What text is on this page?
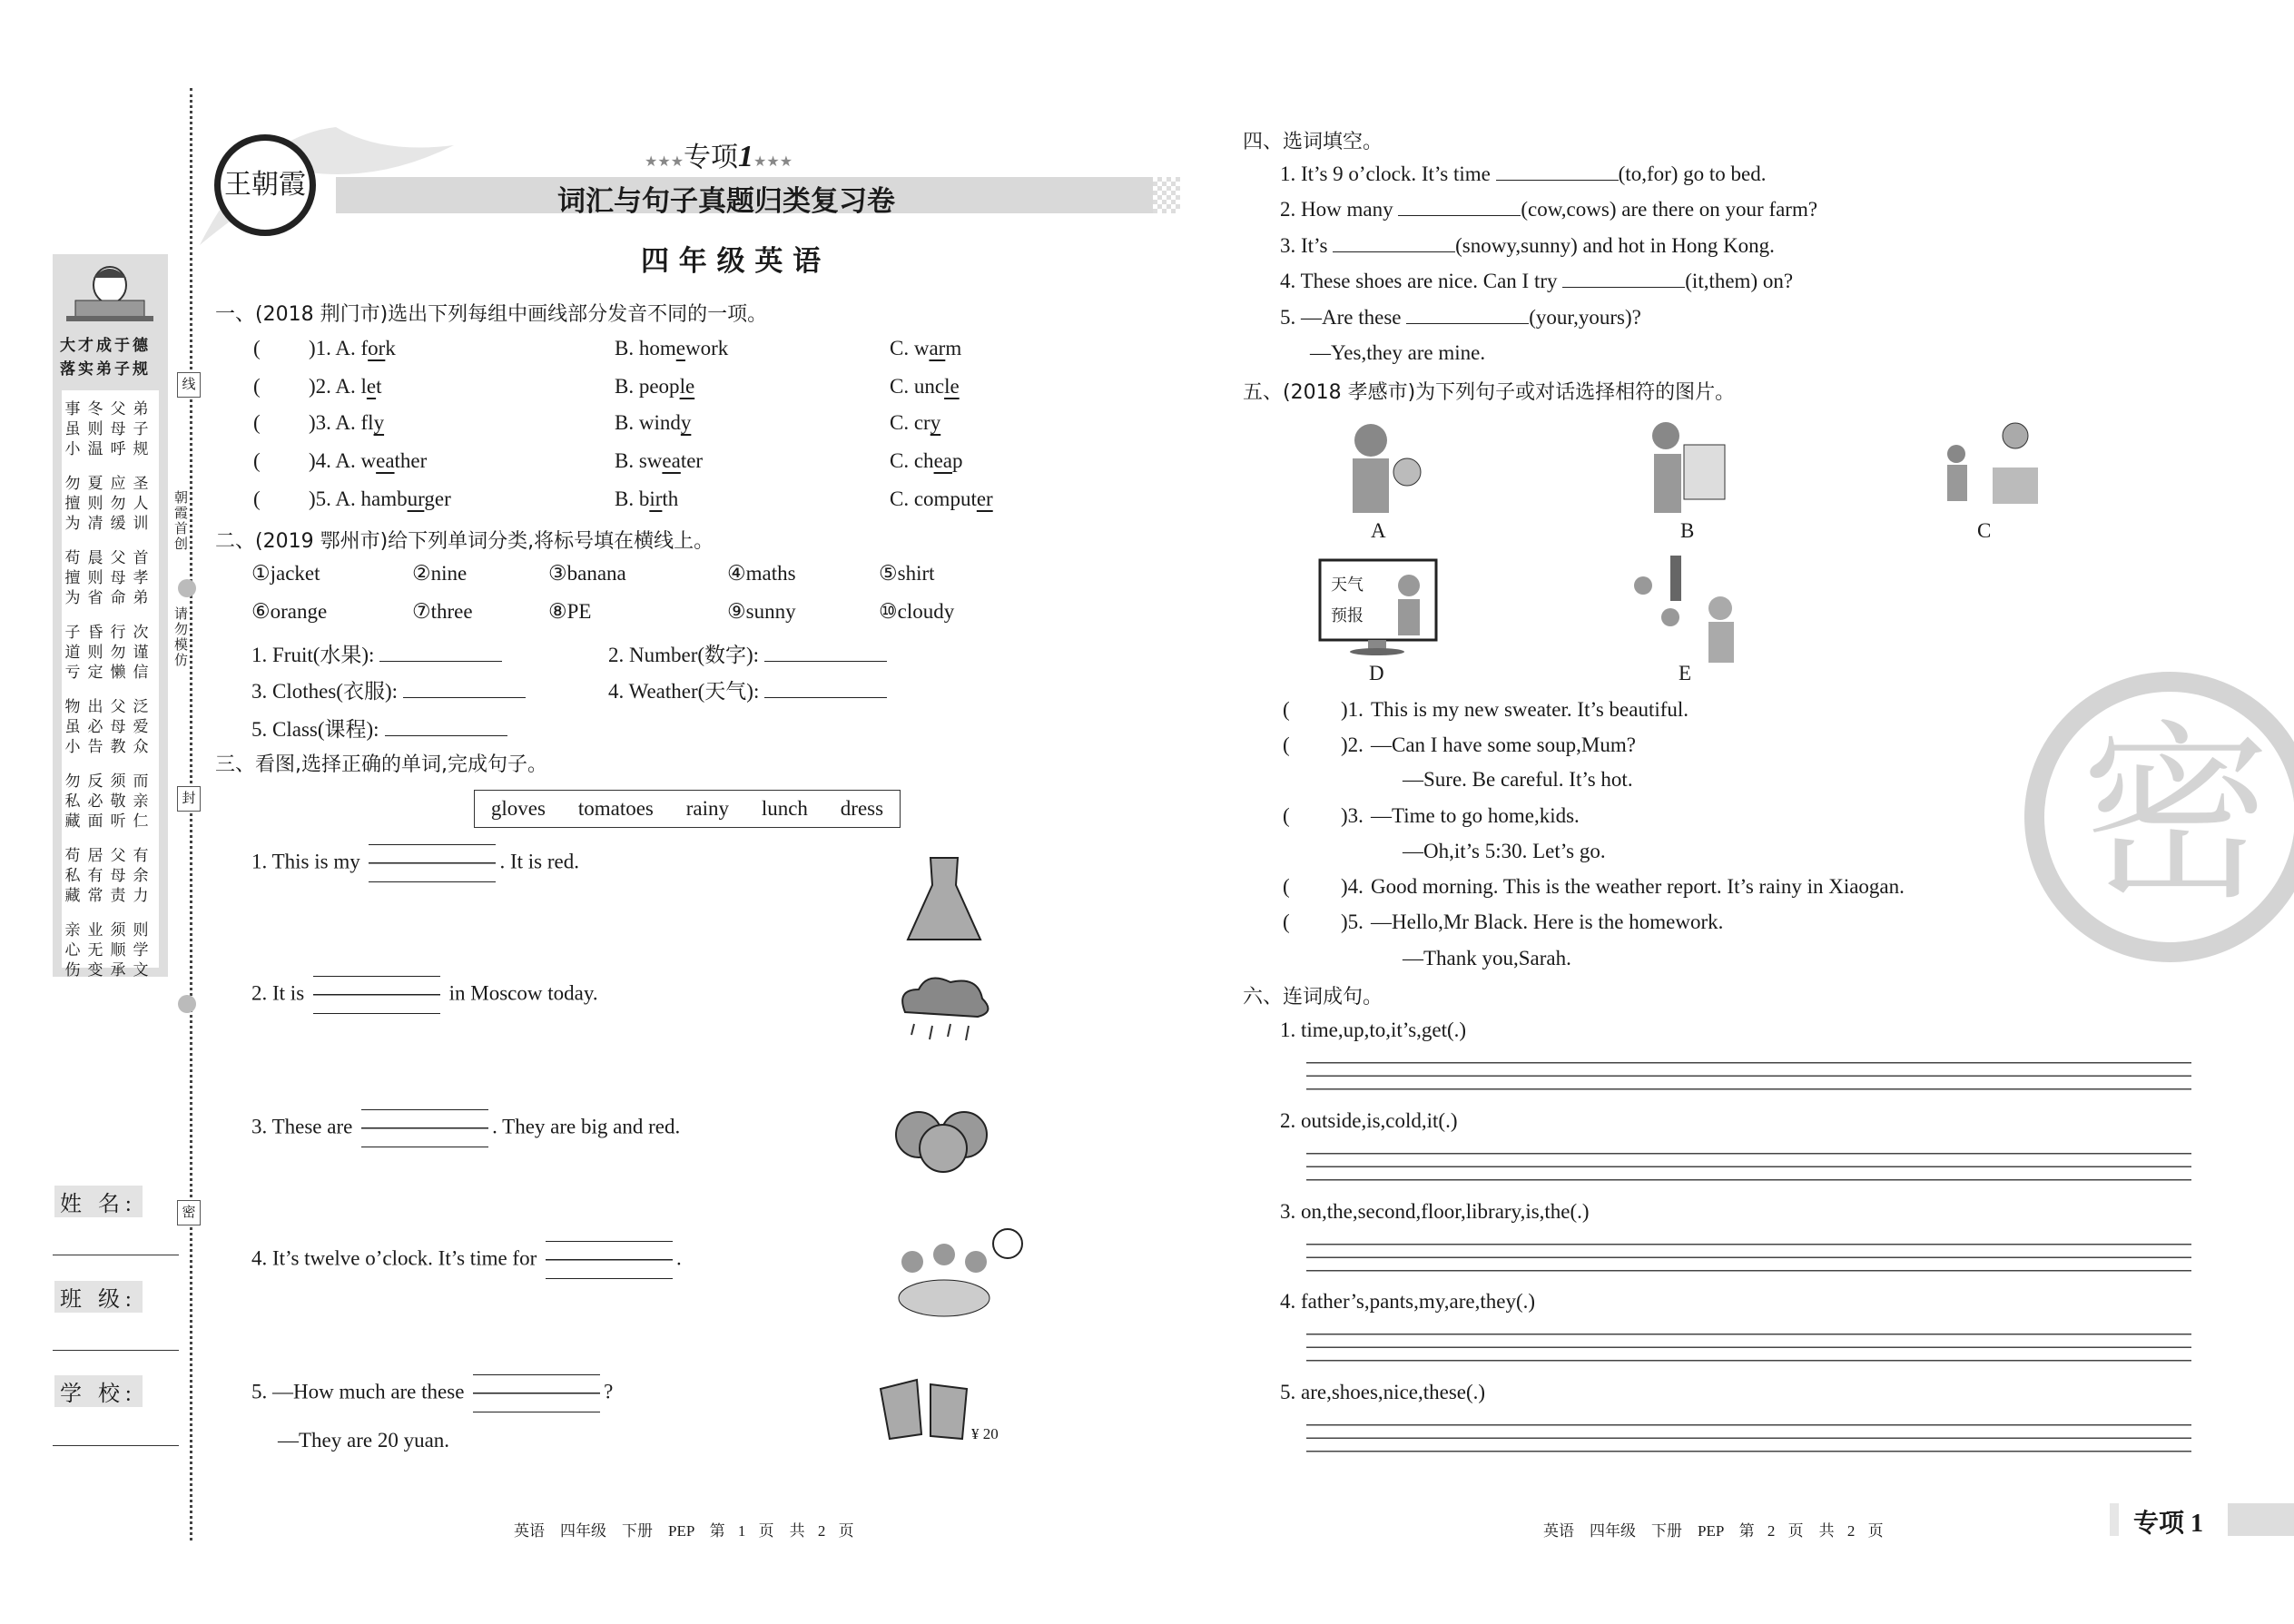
大才成于德
落实弟子规
事冬父弟
虽则母子
小温呼规
勿夏应圣
擅则勿人
为凊缓训
苟晨父首
擅则母孝
为省命弟
子昏行次
道则勿谨
亏定懒信
物出父泛
虽必母爱
小告教众
勿反须而
私必敬亲
藏面听仁
苟居父有
私有母余
藏常责力
亲业须则
心无顺学
伤变承文
线
朝霞首创
请勿模仿
封
密
姓 名:
班 级:
学 校:
王朝霞
★★★专项1★★★
词汇与句子真题归类复习卷
四 年 级 英 语
一、(2018 荆门市)选出下列每组中画线部分发音不同的一项。
二、(2019 鄂州市)给下列单词分类,将标号填在横线上。
三、看图,选择正确的单词,完成句子。
gloves tomatoes rainy lunch dress
1. This is my	. It is red.
2. It is	in Moscow today.
3. These are	. They are big and red.
4. It’s twelve o’clock. It’s time for	.
5. —How much are these	?
—They are 20 yuan.	¥ 20
英语　四年级　下册　PEP　第 1 页　共 2 页
四、选词填空。
—Yes,they are mine.
五、(2018 孝感市)为下列句子或对话选择相符的图片。
天气
预报
A	B	C
D	E
六、连词成句。
密
英语　四年级　下册　PEP　第 2 页　共 2 页	专项 1
( )1. A. fork	B. homework	C. warm
( )2. A. let	B. people	C. uncle
( )3. A. fly	B. windy	C. cry
( )4. A. weather	B. sweater	C. cheap
( )5. A. hamburger	B. birth	C. computer
①jacket	②nine	③banana	④maths	⑤shirt
⑥orange	⑦three	⑧PE	⑨sunny	⑩cloudy
1. Fruit(水果):	2. Number(数字):
3. Clothes(衣服):	4. Weather(天气):
5. Class(课程):
1. It’s 9 o’clock. It’s time	(to,for) go to bed.
2. How many	(cow,cows) are there on your farm?
3. It’s	(snowy,sunny) and hot in Hong Kong.
4. These shoes are nice. Can I try	(it,them) on?
5. —Are these	(your,yours)?
( )1. This is my new sweater. It’s beautiful.
( )2. —Can I have some soup,Mum?
—Sure. Be careful. It’s hot.
( )3. —Time to go home,kids.
—Oh,it’s 5:30. Let’s go.
( )4. Good morning. This is the weather report. It’s rainy in Xiaogan.
( )5. —Hello,Mr Black. Here is the homework.
—Thank you,Sarah.
1. time,up,to,it’s,get(.)
2. outside,is,cold,it(.)
3. on,the,second,floor,library,is,the(.)
4. father’s,pants,my,are,they(.)
5. are,shoes,nice,these(.)
